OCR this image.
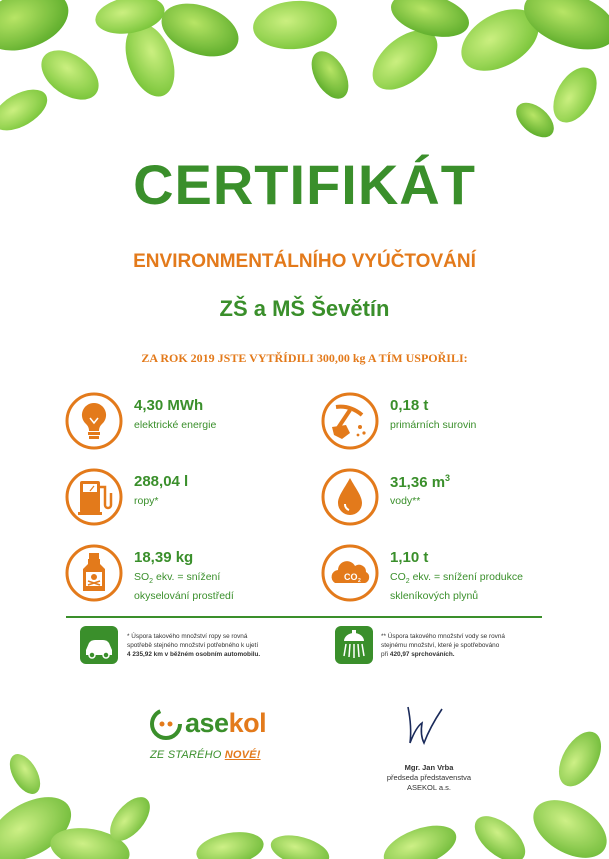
CERTIFIKÁT
ENVIRONMENTÁLNÍHO VYÚČTOVÁNÍ
ZŠ a MŠ Ševětín
ZA ROK 2019 JSTE VYTŘÍDILI 300,00 kg A TÍM USPOŘILI:
4,30 MWh
elektrické energie
0,18 t
primárních surovin
288,04 l
ropy*
31,36 $m^3$
vody**
18,39 kg
$SO_2$ ekv. = snížení
okyselování prostředí
CO 2
1,10 t
$CO_2$ ekv. = snížení produkce
skleníkových plynů
* Úspora takového množství ropy se rovná
spotřebě stejného množství potřebného k ujetí
4 235,92 km v běžném osobním automobilu.
** Úspora takového množství vody se rovná
stejnému množství, které je spotřebováno
při 420,97 sprchováních.
asekol
ZE STARÉHO NOVÉ!
Mgr. Jan Vrba
předseda představenstva
ASEKOL a.s.
